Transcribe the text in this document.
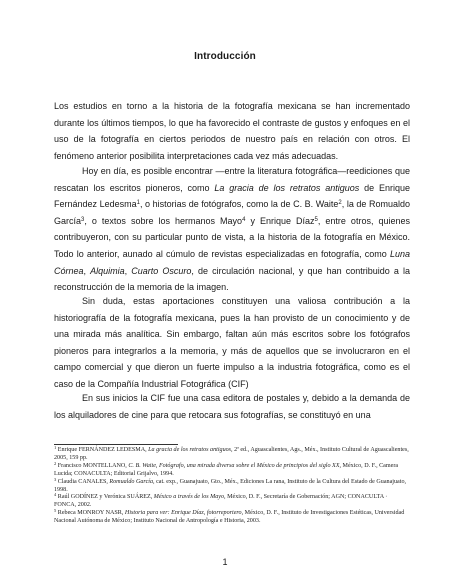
Introducción

Los estudios en torno a la historia de la fotografía mexicana se han incrementado durante los últimos tiempos, lo que ha favorecido el contraste de gustos y enfoques en el uso de la fotografía en ciertos periodos de nuestro país en relación con otros. El fenómeno anterior posibilita interpretaciones cada vez más adecuadas.

Hoy en día, es posible encontrar —entre la literatura fotográfica—reediciones que rescatan los escritos pioneros, como La gracia de los retratos antiguos de Enrique Fernández Ledesma$^1$, o historias de fotógrafos, como la de C. B. Waite$^2$, la de Romualdo García$^3$, o textos sobre los hermanos Mayo$^4$ y Enrique Díaz$^5$, entre otros, quienes contribuyeron, con su particular punto de vista, a la historia de la fotografía en México. Todo lo anterior, aunado al cúmulo de revistas especializadas en fotografía, como Luna Córnea, Alquimia, Cuarto Oscuro, de circulación nacional, y que han contribuido a la reconstrucción de la memoria de la imagen.

Sin duda, estas aportaciones constituyen una valiosa contribución a la historiografía de la fotografía mexicana, pues la han provisto de un conocimiento y de una mirada más analítica. Sin embargo, faltan aún más escritos sobre los fotógrafos pioneros para integrarlos a la memoria, y más de aquellos que se involucraron en el campo comercial y que dieron un fuerte impulso a la industria fotográfica, como es el caso de la Compañía Industrial Fotográfica (CIF)

En sus inicios la CIF fue una casa editora de postales y, debido a la demanda de los alquiladores de cine para que retocara sus fotografías, se constituyó en una

$^1$ Enrique FERNÁNDEZ LEDESMA, La gracia de los retratos antiguos, 2ª ed., Aguascalientes, Ags., Méx., Instituto Cultural de Aguascalientes, 2005, 159 pp.

$^2$ Francisco MONTELLANO, C. B. Waite, Fotógrafo, una mirada diversa sobre el México de principios del siglo XX, México, D. F., Camera Lucida; CONACULTA; Editorial Grijalvo, 1994.

$^3$ Claudia CANALES, Romualdo García, cat. exp., Guanajuato, Gto., Méx., Ediciones La rana, Instituto de la Cultura del Estado de Guanajuato, 1998.

$^4$ Raúl GODÍNEZ y Verónica SUÁREZ, México a través de los Mayo, México, D. F., Secretaría de Gobernación; AGN; CONACULTA · FONCA, 2002.

$^5$ Rebeca MONROY NASR, Historia para ver: Enrique Díaz, fotorreportero, México, D. F., Instituto de Investigaciones Estéticas, Universidad Nacional Autónoma de México; Instituto Nacional de Antropología e Historia, 2003.

1
